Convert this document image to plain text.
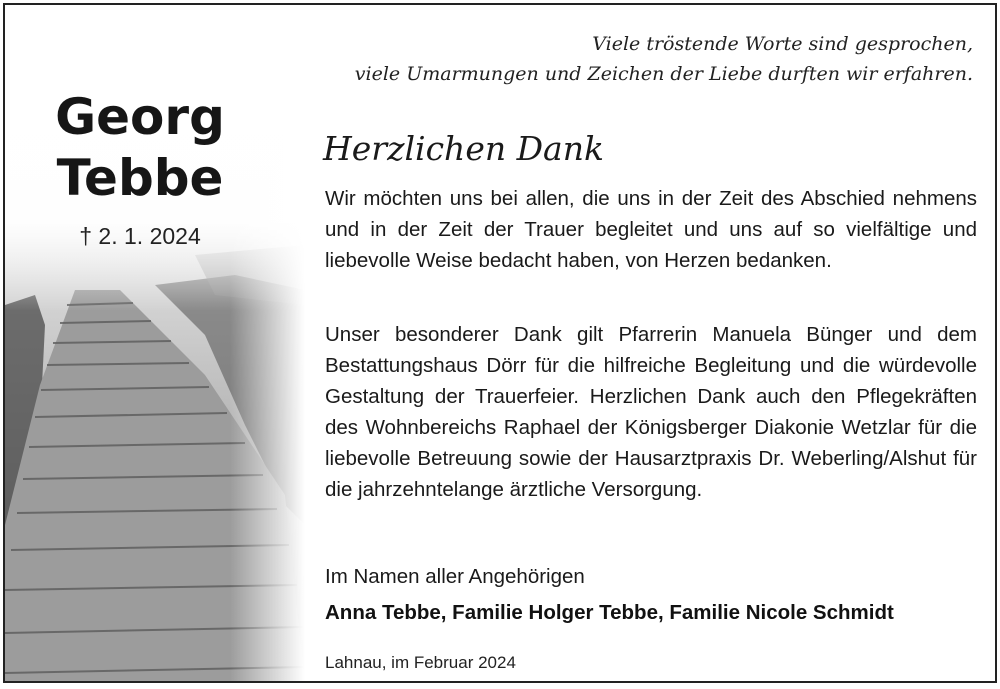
Georg
Tebbe
† 2. 1. 2024
Viele tröstende Worte sind gesprochen,
viele Umarmungen und Zeichen der Liebe durften wir erfahren.
Herzlichen Dank

Wir möchten uns bei allen, die uns in der Zeit des Abschied nehmens und in der Zeit der Trauer begleitet und uns auf so vielfältige und liebevolle Weise bedacht haben, von Herzen bedanken.

Unser besonderer Dank gilt Pfarrerin Manuela Bünger und dem Bestattungshaus Dörr für die hilfreiche Begleitung und die würdevolle Gestaltung der Trauerfeier. Herzlichen Dank auch den Pflegekräften des Wohnbereichs Raphael der Königsberger Diakonie Wetzlar für die liebevolle Betreuung sowie der Hausarztpraxis Dr. Weberling/Alshut für die jahrzehntelange ärztliche Versorgung.

Im Namen aller Angehörigen
Anna Tebbe, Familie Holger Tebbe, Familie Nicole Schmidt
Lahnau, im Februar 2024
